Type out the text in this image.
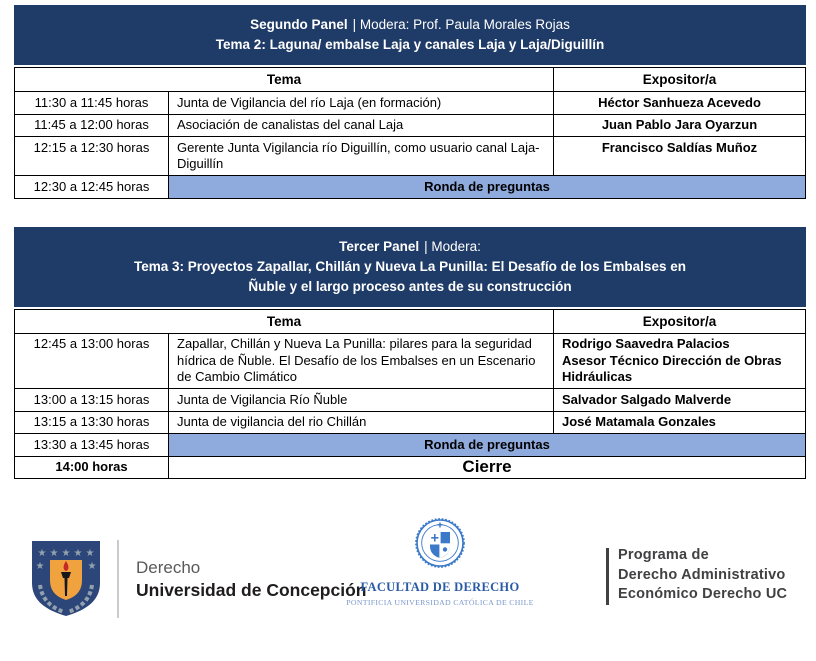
Segundo Panel | Modera: Prof. Paula Morales Rojas
Tema 2: Laguna/ embalse Laja y canales Laja y Laja/Diguillín
Tema		Expositor/a
11:30 a 11:45 horas	Junta de Vigilancia del río Laja (en formación)	Héctor Sanhueza Acevedo
11:45 a 12:00 horas	Asociación de canalistas del canal Laja	Juan Pablo Jara Oyarzun
12:15 a 12:30 horas	Gerente Junta Vigilancia río Diguillín, como usuario canal Laja-Diguillín	Francisco Saldías Muñoz
12:30 a 12:45 horas	Ronda de preguntas	
Tercer Panel | Modera:
Tema 3: Proyectos Zapallar, Chillán y Nueva La Punilla: El Desafío de los Embalses en Ñuble y el largo proceso antes de su construcción
Tema		Expositor/a
12:45 a 13:00 horas	Zapallar, Chillán y Nueva La Punilla: pilares para la seguridad hídrica de Ñuble. El Desafío de los Embalses en un Escenario de Cambio Climático	Rodrigo Saavedra Palacios
Asesor Técnico Dirección de Obras Hidráulicas

13:00 a 13:15 horas	Junta de Vigilancia Río Ñuble	Salvador Salgado Malverde
13:15 a 13:30 horas	Junta de vigilancia del rio Chillán	José Matamala Gonzales
13:30 a 13:45 horas	Ronda de preguntas	
14:00 horas	Cierre	
★ ★ ★ ★ ★
★	★ Derecho
Universidad de Concepción
FACULTAD DE DERECHO
PONTIFICIA UNIVERSIDAD CATÓLICA DE CHILE
Programa de
Derecho Administrativo
Económico Derecho UC
